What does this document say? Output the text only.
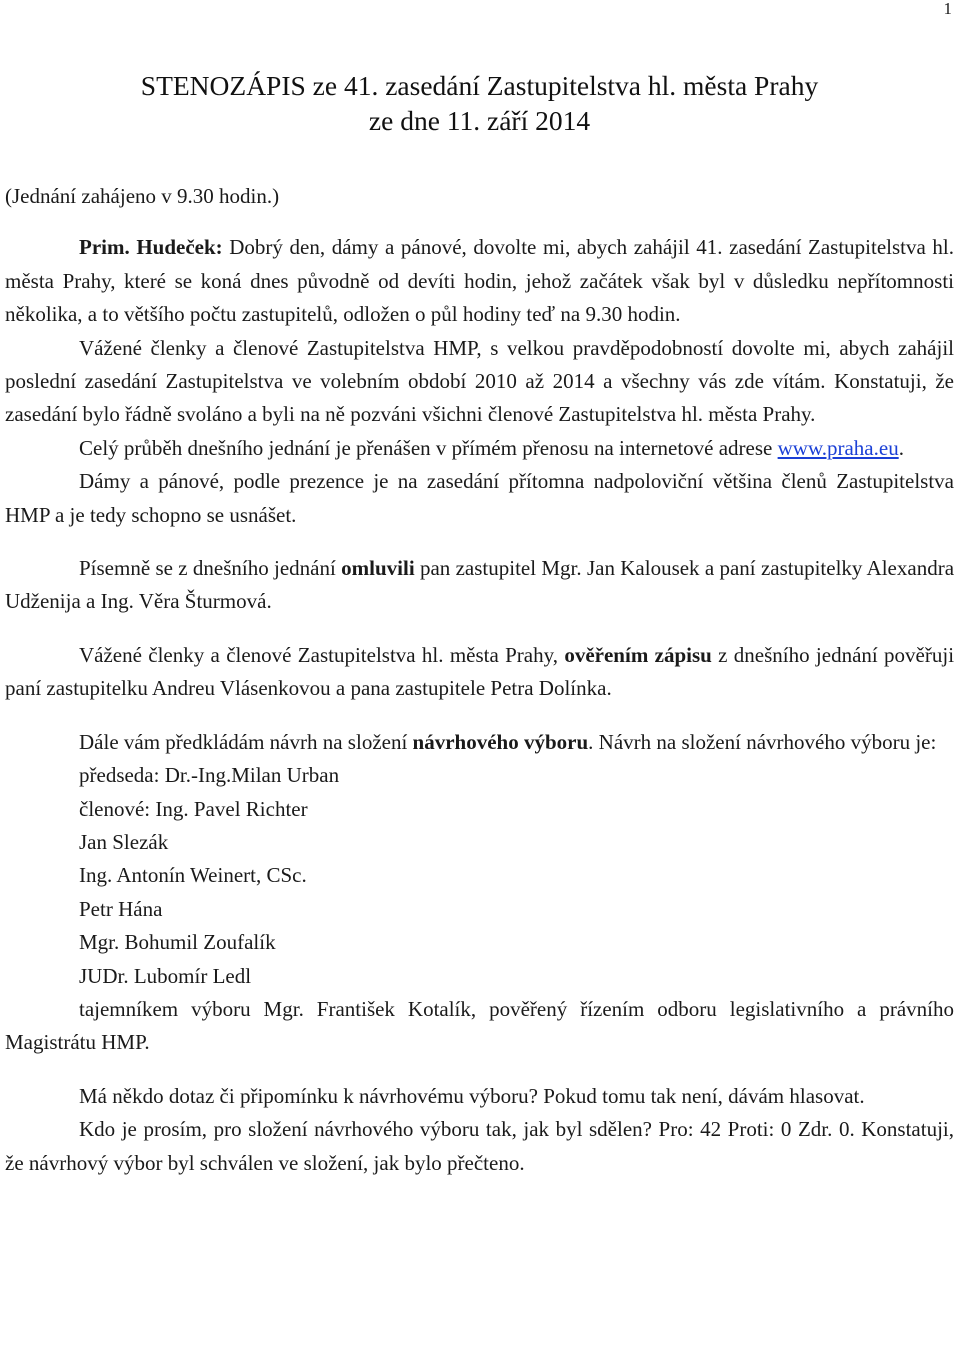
1
STENOZÁPIS ze 41. zasedání Zastupitelstva hl. města Prahy
ze dne 11. září 2014

(Jednání zahájeno v 9.30 hodin.)

Prim. Hudeček: Dobrý den, dámy a pánové, dovolte mi, abych zahájil 41. zasedání Zastupitelstva hl. města Prahy, které se koná dnes původně od devíti hodin, jehož začátek však byl v důsledku nepřítomnosti několika, a to většího počtu zastupitelů, odložen o půl hodiny teď na 9.30 hodin.

Vážené členky a členové Zastupitelstva HMP, s velkou pravděpodobností dovolte mi, abych zahájil poslední zasedání Zastupitelstva ve volebním období 2010 až 2014 a všechny vás zde vítám. Konstatuji, že zasedání bylo řádně svoláno a byli na ně pozváni všichni členové Zastupitelstva hl. města Prahy.

Celý průběh dnešního jednání je přenášen v přímém přenosu na internetové adrese www.praha.eu.

Dámy a pánové, podle prezence je na zasedání přítomna nadpoloviční většina členů Zastupitelstva HMP a je tedy schopno se usnášet.

Písemně se z dnešního jednání omluvili pan zastupitel Mgr. Jan Kalousek a paní zastupitelky Alexandra Udženija a Ing. Věra Šturmová.

Vážené členky a členové Zastupitelstva hl. města Prahy, ověřením zápisu z dnešního jednání pověřuji paní zastupitelku Andreu Vlásenkovou a pana zastupitele Petra Dolínka.

Dále vám předkládám návrh na složení návrhového výboru. Návrh na složení návrhového výboru je:

předseda: Dr.-Ing.Milan Urban

členové: Ing. Pavel Richter

Jan Slezák

Ing. Antonín Weinert, CSc.

Petr Hána

Mgr. Bohumil Zoufalík

JUDr. Lubomír Ledl

tajemníkem výboru Mgr. František Kotalík, pověřený řízením odboru legislativního a právního Magistrátu HMP.

Má někdo dotaz či připomínku k návrhovému výboru? Pokud tomu tak není, dávám hlasovat.

Kdo je prosím, pro složení návrhového výboru tak, jak byl sdělen? Pro: 42 Proti: 0 Zdr. 0. Konstatuji, že návrhový výbor byl schválen ve složení, jak bylo přečteno.
